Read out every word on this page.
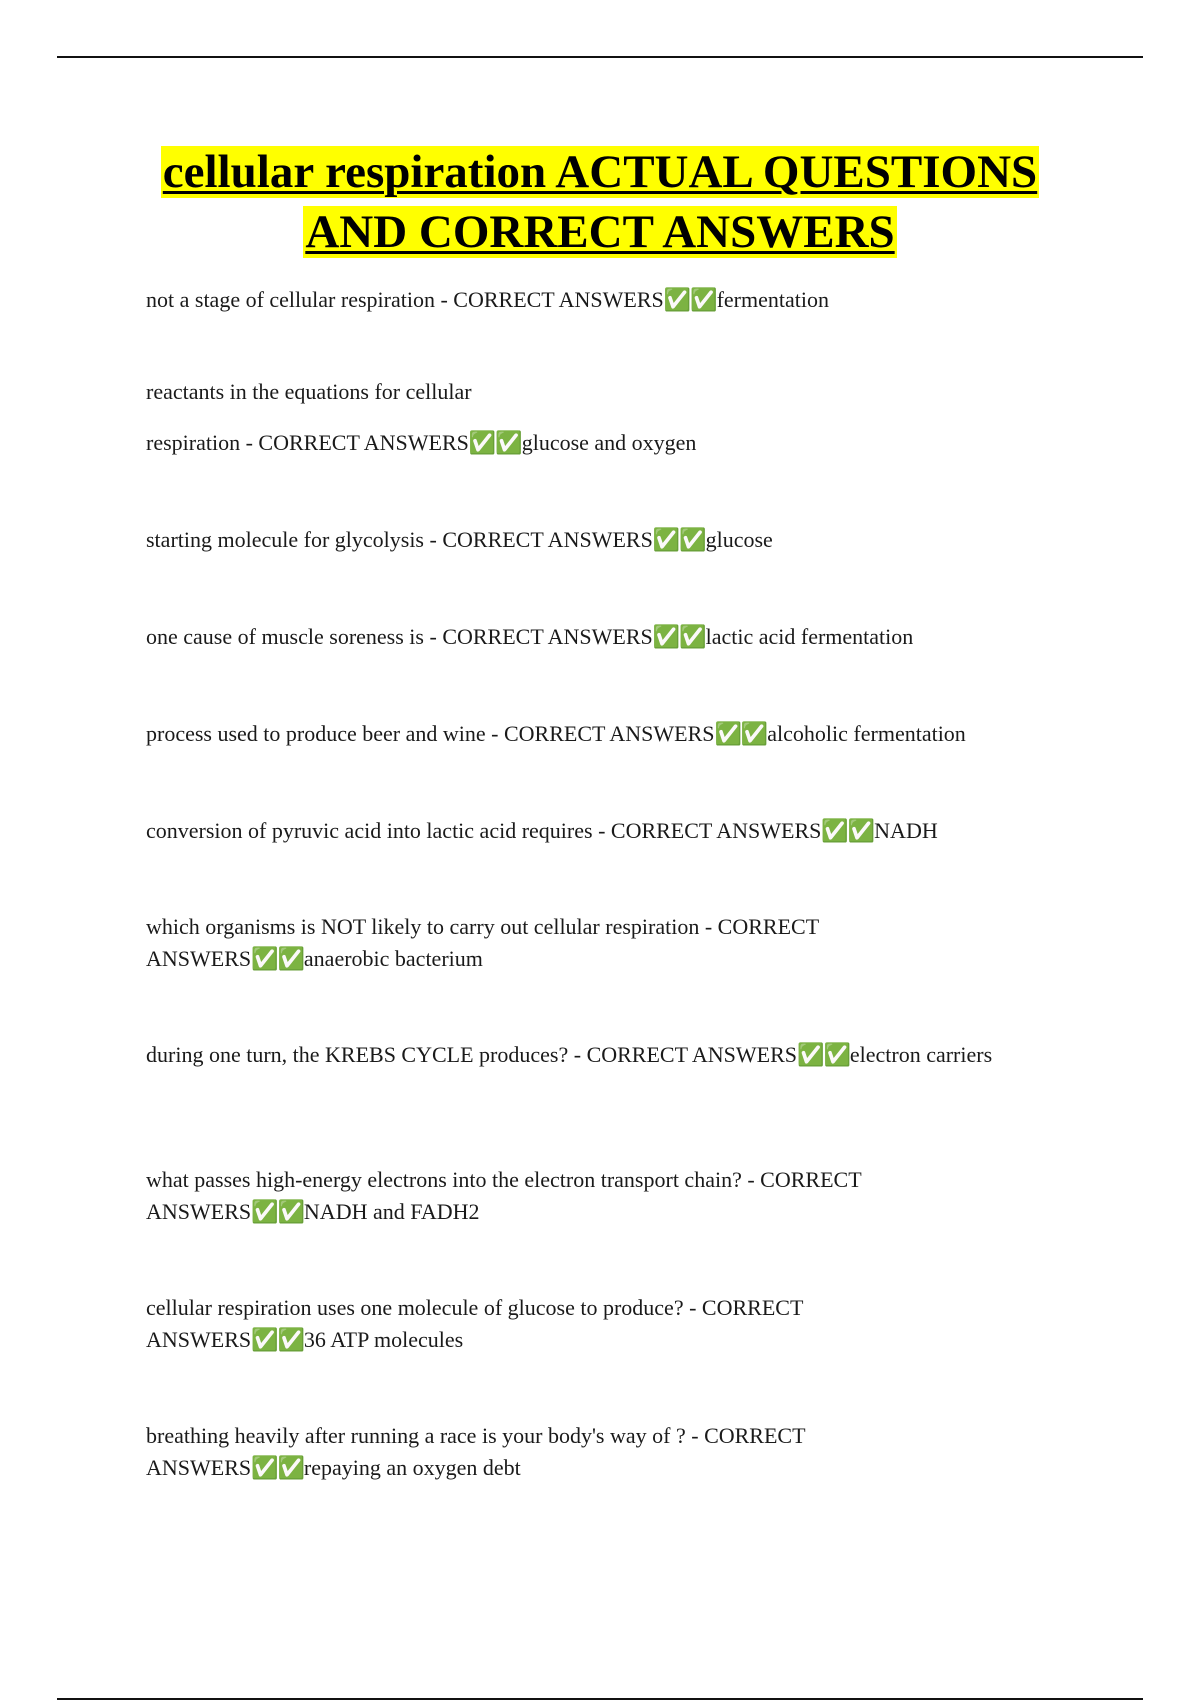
cellular respiration ACTUAL QUESTIONS
AND CORRECT ANSWERS

not a stage of cellular respiration - CORRECT ANSWERS✅✅fermentation

reactants in the equations for cellular

respiration - CORRECT ANSWERS✅✅glucose and oxygen

starting molecule for glycolysis - CORRECT ANSWERS✅✅glucose

one cause of muscle soreness is - CORRECT ANSWERS✅✅lactic acid fermentation

process used to produce beer and wine - CORRECT ANSWERS✅✅alcoholic fermentation

conversion of pyruvic acid into lactic acid requires - CORRECT ANSWERS✅✅NADH

which organisms is NOT likely to carry out cellular respiration - CORRECT ANSWERS✅✅anaerobic bacterium

during one turn, the KREBS CYCLE produces? - CORRECT ANSWERS✅✅electron carriers

what passes high-energy electrons into the electron transport chain? - CORRECT ANSWERS✅✅NADH and FADH2

cellular respiration uses one molecule of glucose to produce? - CORRECT ANSWERS✅✅36 ATP molecules

breathing heavily after running a race is your body's way of ? - CORRECT ANSWERS✅✅repaying an oxygen debt
